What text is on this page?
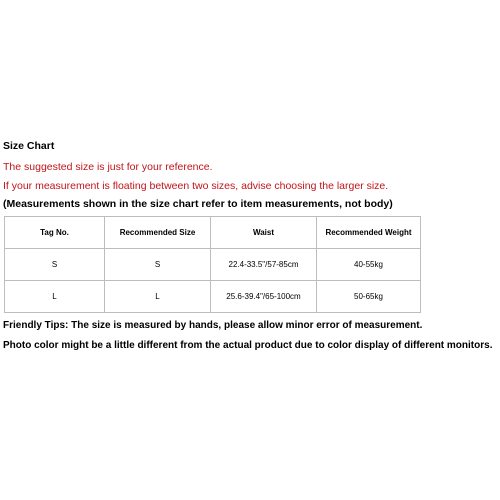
Size Chart
The suggested size is just for your reference.
If your measurement is floating between two sizes, advise choosing the larger size.
(Measurements shown in the size chart refer to item measurements, not body)
Tag No.	Recommended Size	Waist	Recommended Weight
S	S	22.4-33.5"/57-85cm	40-55kg
L	L	25.6-39.4"/65-100cm	50-65kg
Friendly Tips: The size is measured by hands, please allow minor error of measurement.
Photo color might be a little different from the actual product due to color display of different monitors.
